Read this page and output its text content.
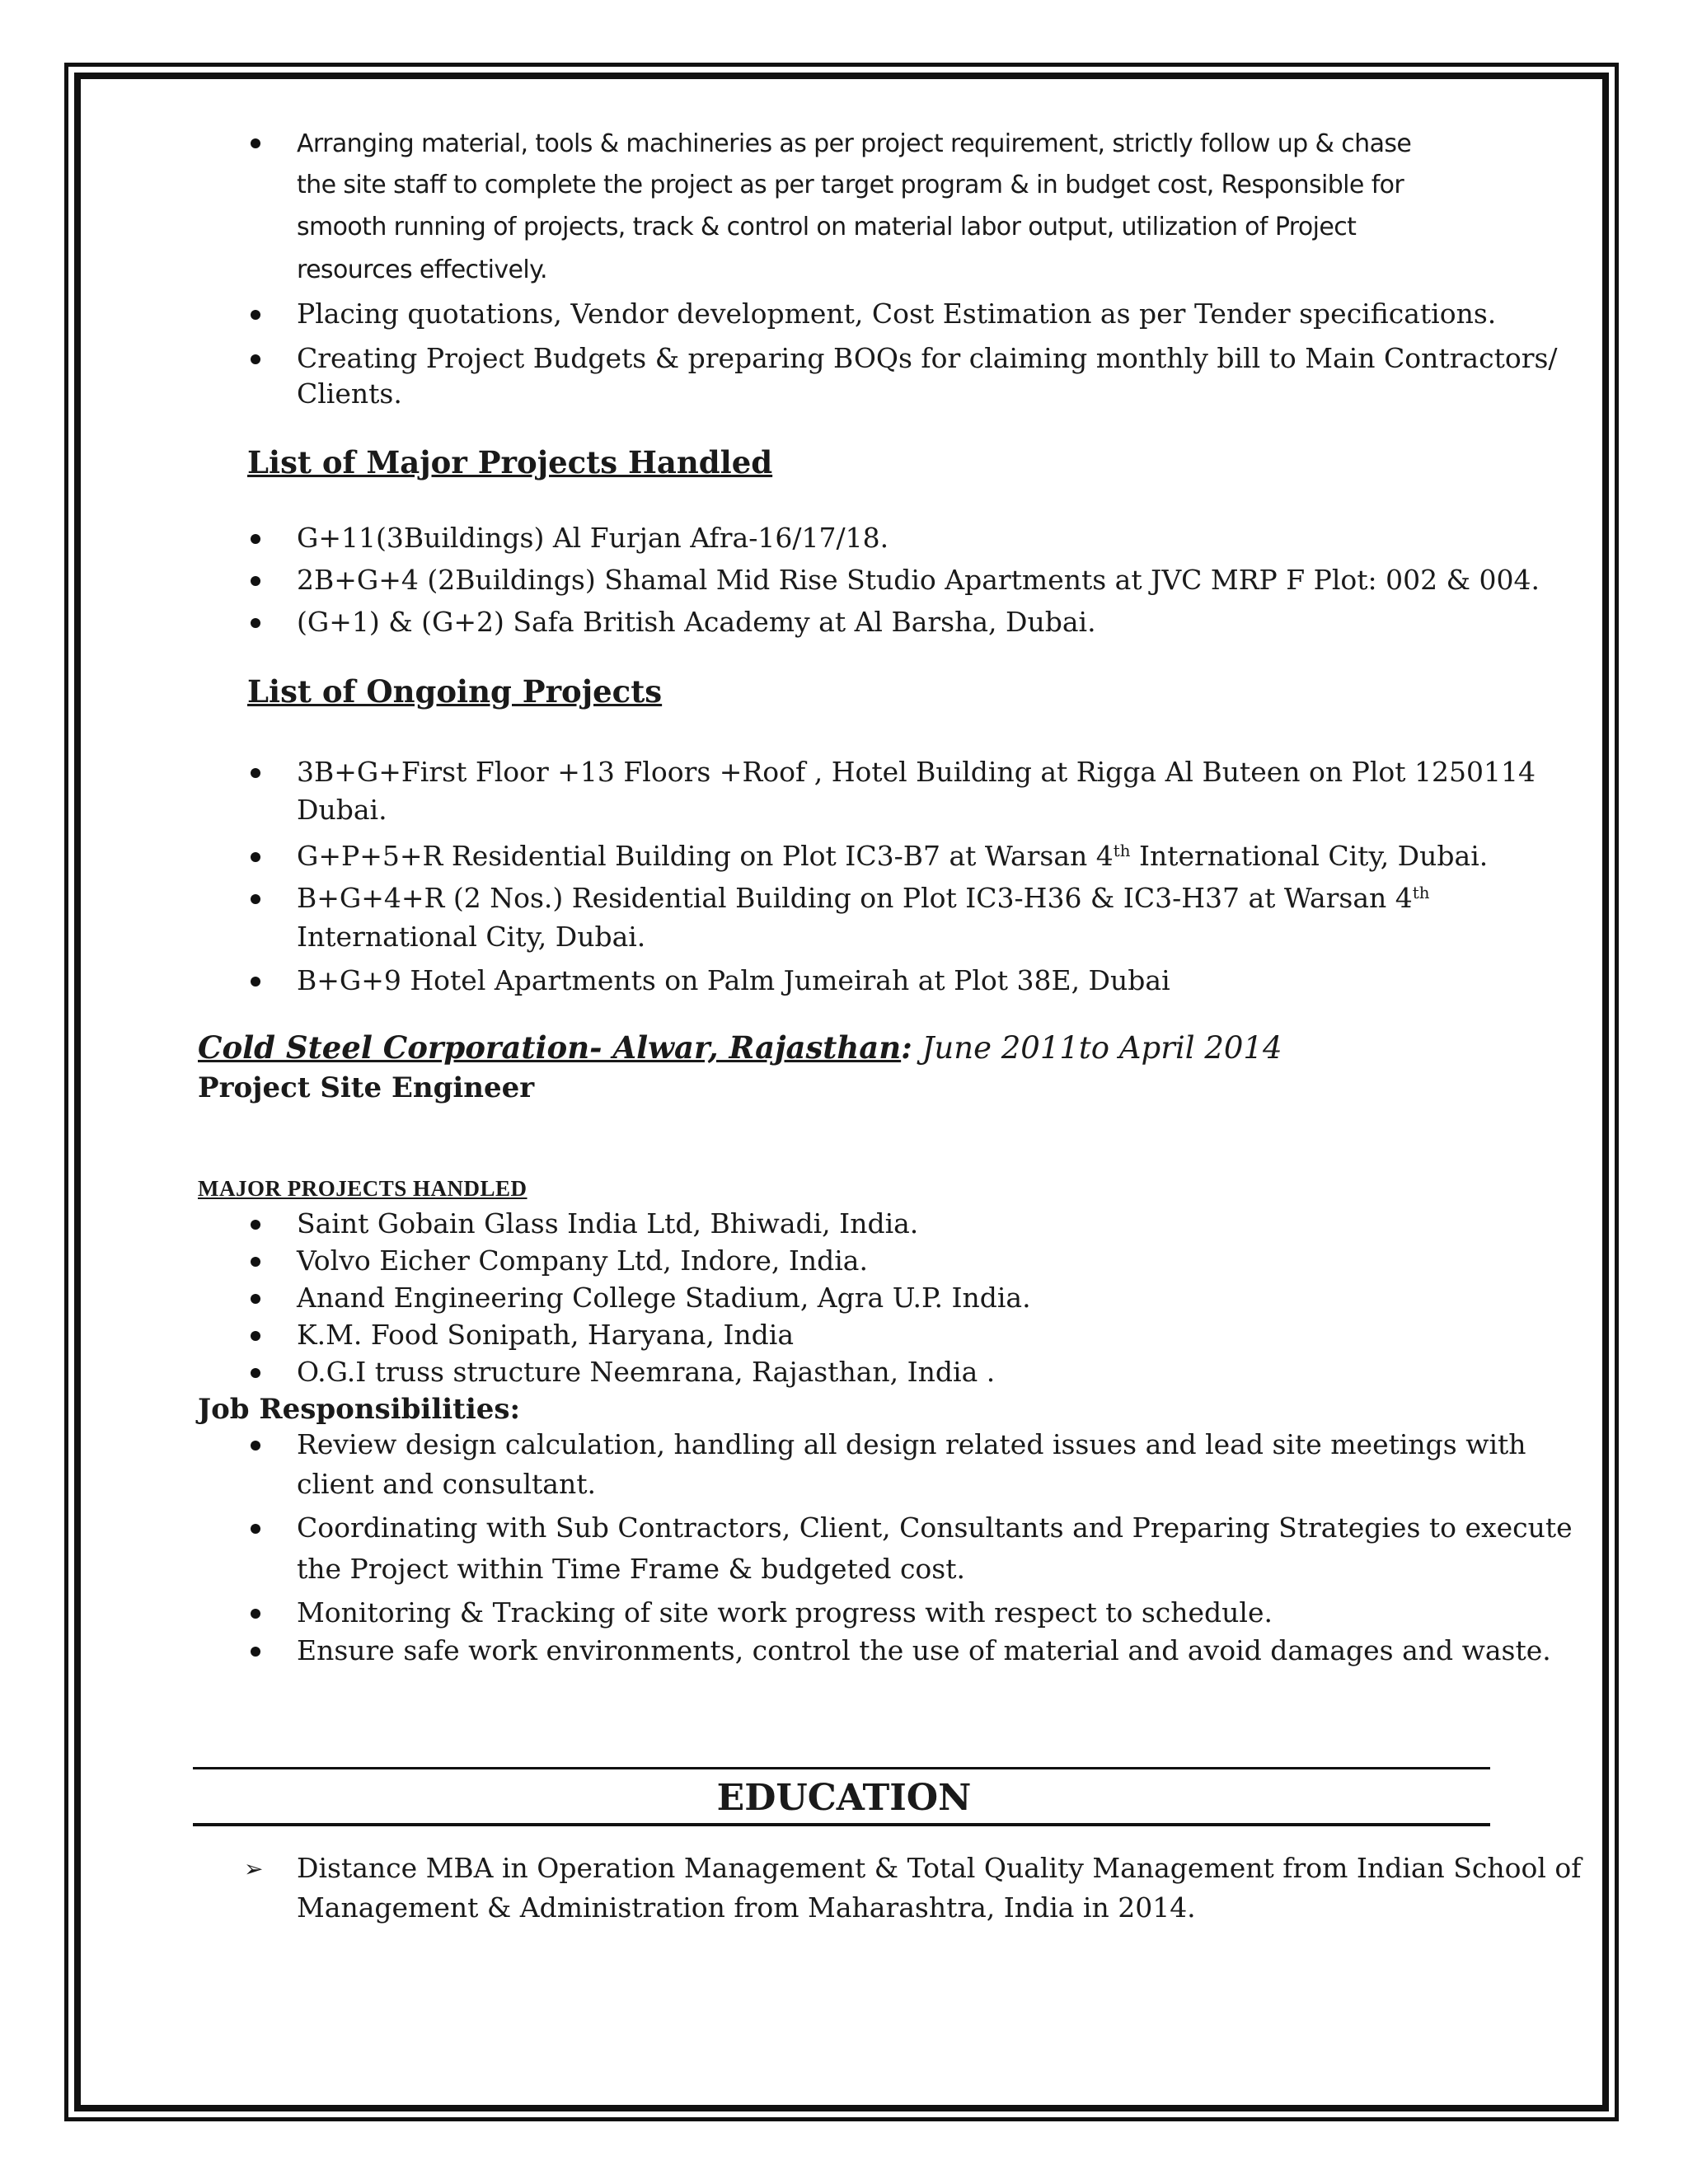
Arranging material, tools & machineries as per project requirement, strictly follow up & chase
the site staff to complete the project as per target program & in budget cost, Responsible for
smooth running of projects, track & control on material labor output, utilization of Project
resources effectively.
Placing quotations, Vendor development, Cost Estimation as per Tender specifications.
Creating Project Budgets & preparing BOQs for claiming monthly bill to Main Contractors/
Clients.
List of Major Projects Handled
G+11(3Buildings) Al Furjan Afra-16/17/18.
2B+G+4 (2Buildings) Shamal Mid Rise Studio Apartments at JVC MRP F Plot: 002 & 004.
(G+1) & (G+2) Safa British Academy at Al Barsha, Dubai.
List of Ongoing Projects
3B+G+First Floor +13 Floors +Roof , Hotel Building at Rigga Al Buteen on Plot 1250114
Dubai.
G+P+5+R Residential Building on Plot IC3-B7 at Warsan 4th International City, Dubai.
B+G+4+R (2 Nos.) Residential Building on Plot IC3-H36 & IC3-H37 at Warsan 4th
International City, Dubai.
B+G+9 Hotel Apartments on Palm Jumeirah at Plot 38E, Dubai
Cold Steel Corporation- Alwar, Rajasthan: June 2011to April 2014
Project Site Engineer
MAJOR PROJECTS HANDLED
Saint Gobain Glass India Ltd, Bhiwadi, India.
Volvo Eicher Company Ltd, Indore, India.
Anand Engineering College Stadium, Agra U.P. India.
K.M. Food Sonipath, Haryana, India
O.G.I truss structure Neemrana, Rajasthan, India .
Job Responsibilities:
Review design calculation, handling all design related issues and lead site meetings with
client and consultant.
Coordinating with Sub Contractors, Client, Consultants and Preparing Strategies to execute
the Project within Time Frame & budgeted cost.
Monitoring & Tracking of site work progress with respect to schedule.
Ensure safe work environments, control the use of material and avoid damages and waste.
EDUCATION
➢ Distance MBA in Operation Management & Total Quality Management from Indian School of
Management & Administration from Maharashtra, India in 2014.
